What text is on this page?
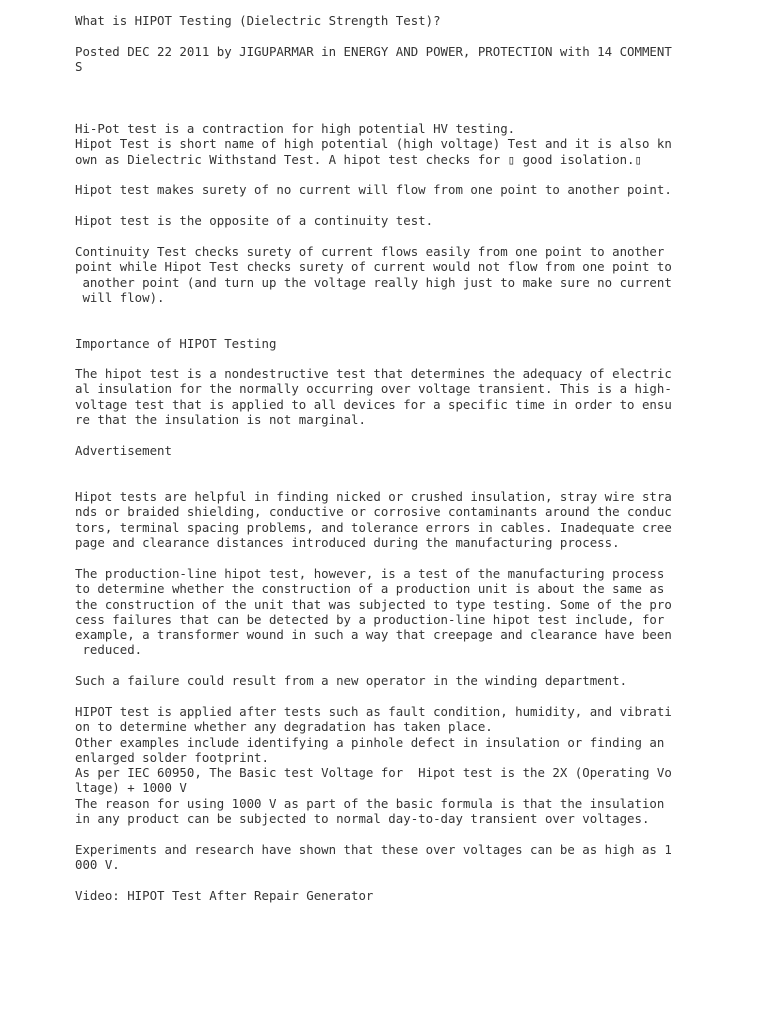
What is HIPOT Testing (Dielectric Strength Test)?

Posted DEC 22 2011 by JIGUPARMAR in ENERGY AND POWER, PROTECTION with 14 COMMENT
S
Hi-Pot test is a contraction for high potential HV testing.
Hipot Test is short name of high potential (high voltage) Test and it is also kn
own as Dielectric Withstand Test. A hipot test checks for ▯ good isolation.▯

Hipot test makes surety of no current will flow from one point to another point.

Hipot test is the opposite of a continuity test.

Continuity Test checks surety of current flows easily from one point to another
point while Hipot Test checks surety of current would not flow from one point to
another point (and turn up the voltage really high just to make sure no current
will flow).

Importance of HIPOT Testing

The hipot test is a nondestructive test that determines the adequacy of electric
al insulation for the normally occurring over voltage transient. This is a high-
voltage test that is applied to all devices for a specific time in order to ensu
re that the insulation is not marginal.

Advertisement

Hipot tests are helpful in finding nicked or crushed insulation, stray wire stra
nds or braided shielding, conductive or corrosive contaminants around the conduc
tors, terminal spacing problems, and tolerance errors in cables. Inadequate cree
page and clearance distances introduced during the manufacturing process.
The production-line hipot test, however, is a test of the manufacturing process
to determine whether the construction of a production unit is about the same as
the construction of the unit that was subjected to type testing. Some of the pro
cess failures that can be detected by a production-line hipot test include, for
example, a transformer wound in such a way that creepage and clearance have been
reduced.

Such a failure could result from a new operator in the winding department.

HIPOT test is applied after tests such as fault condition, humidity, and vibrati
on to determine whether any degradation has taken place.
Other examples include identifying a pinhole defect in insulation or finding an
enlarged solder footprint.
As per IEC 60950, The Basic test Voltage for  Hipot test is the 2X (Operating Vo
ltage) + 1000 V
The reason for using 1000 V as part of the basic formula is that the insulation
in any product can be subjected to normal day-to-day transient over voltages.
Experiments and research have shown that these over voltages can be as high as 1
000 V.

Video: HIPOT Test After Repair Generator
